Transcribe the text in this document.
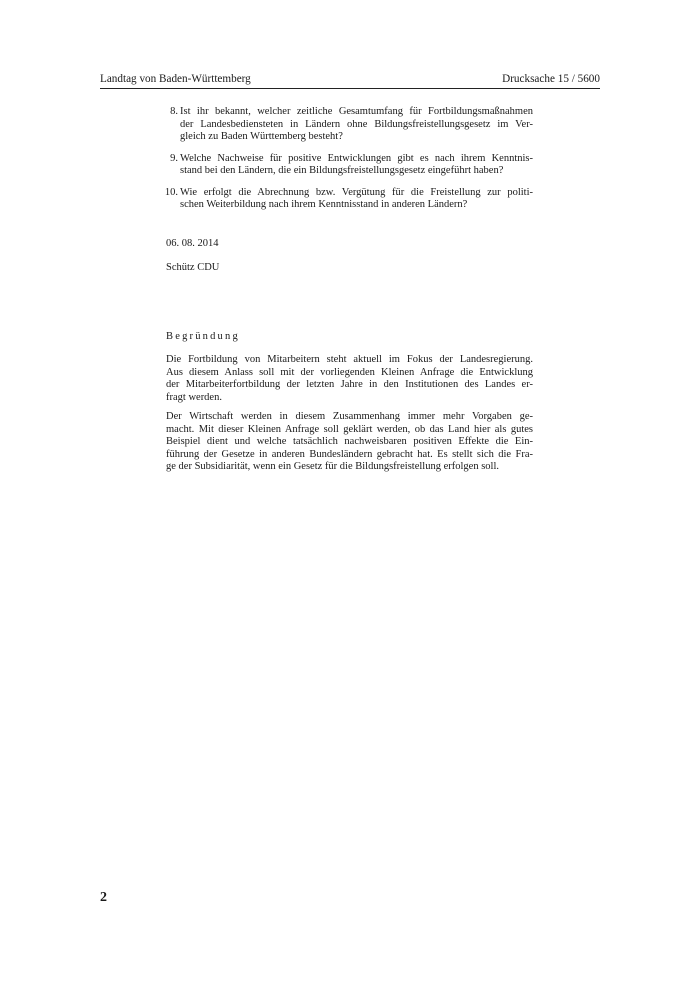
Landtag von Baden-Württemberg	Drucksache 15 / 5600
8. Ist ihr bekannt, welcher zeitliche Gesamtumfang für Fortbildungsmaßnahmen
der Landesbediensteten in Ländern ohne Bildungsfreistellungsgesetz im Ver-
gleich zu Baden Württemberg besteht?
9. Welche Nachweise für positive Entwicklungen gibt es nach ihrem Kenntnis-
stand bei den Ländern, die ein Bildungsfreistellungsgesetz eingeführt haben?
10. Wie erfolgt die Abrechnung bzw. Vergütung für die Freistellung zur politi-
schen Weiterbildung nach ihrem Kenntnisstand in anderen Ländern?
06. 08. 2014
Schütz CDU
Begründung
Die Fortbildung von Mitarbeitern steht aktuell im Fokus der Landesregierung.
Aus diesem Anlass soll mit der vorliegenden Kleinen Anfrage die Entwicklung
der Mitarbeiterfortbildung der letzten Jahre in den Institutionen des Landes er-
fragt werden.
Der Wirtschaft werden in diesem Zusammenhang immer mehr Vorgaben ge-
macht. Mit dieser Kleinen Anfrage soll geklärt werden, ob das Land hier als gutes
Beispiel dient und welche tatsächlich nachweisbaren positiven Effekte die Ein-
führung der Gesetze in anderen Bundesländern gebracht hat. Es stellt sich die Fra-
ge der Subsidiarität, wenn ein Gesetz für die Bildungsfreistellung erfolgen soll.
2
